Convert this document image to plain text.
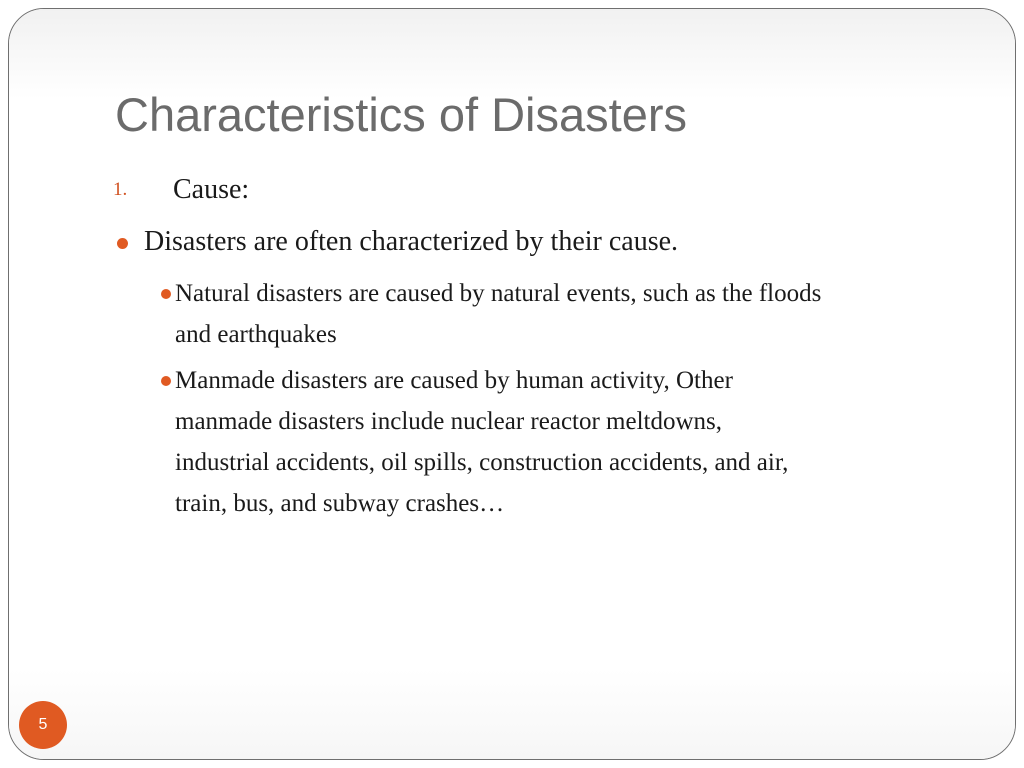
Characteristics of Disasters
1. Cause:
Disasters are often characterized by their cause.
Natural disasters are caused by natural events, such as the floods
and earthquakes
Manmade disasters are caused by human activity, Other
manmade disasters include nuclear reactor meltdowns,
industrial accidents, oil spills, construction accidents, and air,
train, bus, and subway crashes…
5
